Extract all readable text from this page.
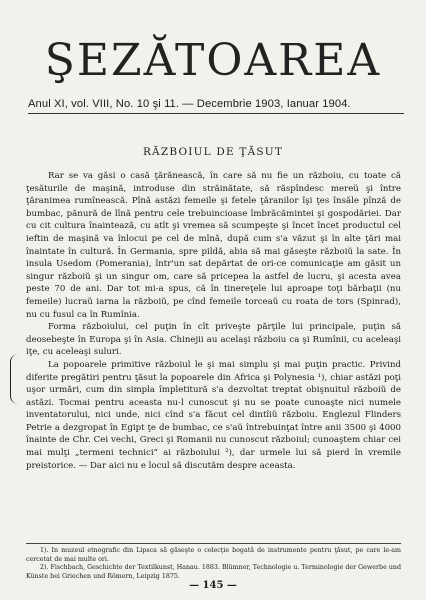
ŞEZĂTOAREA
Anul XI, vol. VIII, No. 10 şi 11. — Decembrie 1903, Ianuar 1904.
RĂZBOIUL DE ŢĂSUT

Rar se va găsi o casă ţărănească, în care să nu fie un războiu, cu toate că ţesăturile de maşină, introduse din străinătate, să răspîndesc mereŭ şi între ţăranimea rumînească. Pînă astăzi femeile şi fetele ţăranilor îşi ţes însăle pînză de bumbac, pănură de lînă pentru cele trebuincioase îmbrăcămintei şi gospodăriei. Dar cu cit cultura înaintează, cu atît şi vremea să scumpeşte şi încet încet productul cel ieftin de maşină va înlocui pe cel de mînă, după cum s'a văzut şi în alte ţări mai înaintate în cultură. În Germania, spre pildă, abia să mai găseşte războiŭ la sate. În insula Usedom (Pomerania), într'un sat depărtat de ori-ce comunicaţie am găsit un singur războiŭ şi un singur om, care să pricepea la astfel de lucru, şi acesta avea peste 70 de ani. Dar tot mi-a spus, că în tinereţele lui aproape toţi bărbaţii (nu femeile) lucraŭ iarna la războiŭ, pe cînd femeile torceaŭ cu roata de tors (Spinrad), nu cu fusul ca în Rumînia.

Forma războiului, cel puţin în cît priveşte părţile lui principale, puţin să deosebeşte în Europa şi în Asia. Chinejii au acelaşi războiu ca şi Rumînii, cu aceleaşi iţe, cu aceleaşi suluri.

La popoarele primitive războiul le şi mai simplu şi mai puţin practic. Privind diferite pregătiri pentru ţăsut la popoarele din Africa şi Polynesia ¹), chiar astăzi poţi uşor urmări, cum din simpla împletitură s'a dezvoltat treptat obişnuitul războiŭ de astăzi. Tocmai pentru aceasta nu-l cunoscut şi nu se poate cunoaşte nici numele inventatorului, nici unde, nici cînd s'a făcut cel dintîiŭ războiu. Englezul Flinders Petrie a dezgropat în Egipt ţe de bumbac, ce s'aŭ întrebuinţat între anii 3500 şi 4000 înainte de Chr. Cei vechi, Greci şi Romanii nu cunoscut războiul; cunoaştem chiar cei mai mulţi „termeni technici“ ai războiului ²), dar urmele lui să pierd în vremile preistorice. — Dar aici nu e locul să discutăm despre aceasta.

1). In muzeul etnografic din Lipsca să găseşte o colecţie bogată de instrumente pentru ţăsut, pe care le-am cercetat de mai multe ori.
2). Fischbach, Geschichte der Textilkunst, Hanau. 1883. Blümner, Technologie u. Terminologie der Gewerbe und Künste bei Griechen und Römern, Leipzig 1875.
— 145 —
